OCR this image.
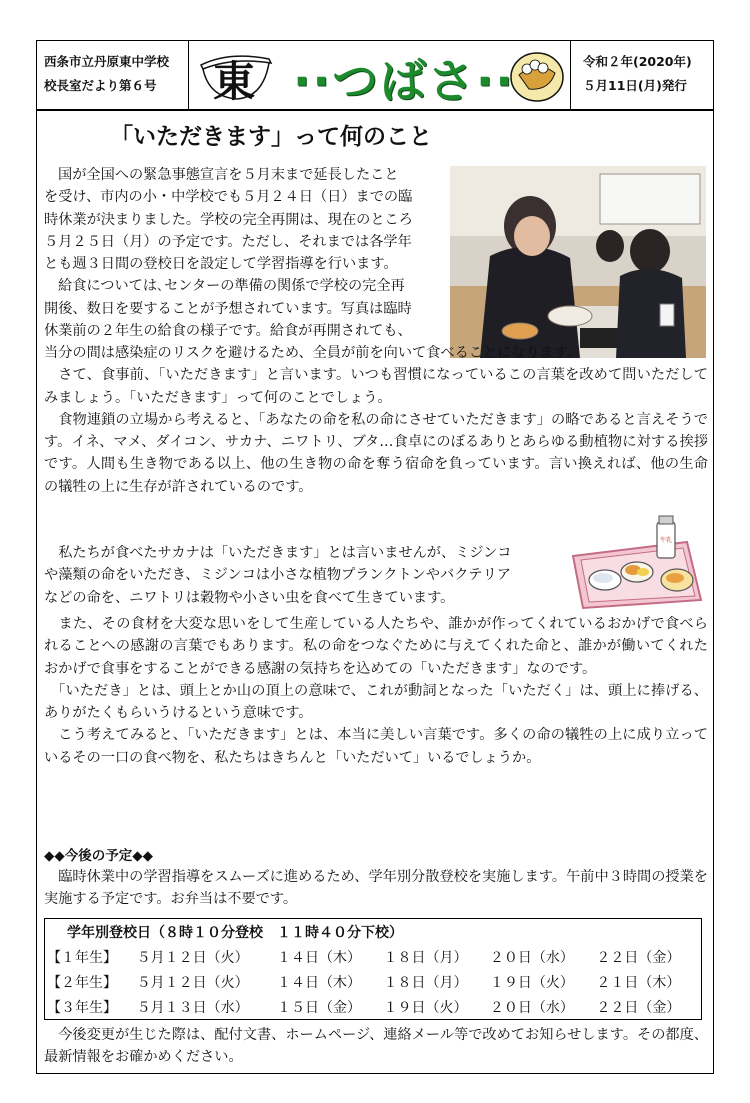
西条市立丹原東中学校
校長室だより第６号	東 ··つばさ··	令和２年(2020年)
５月11日(月)発行
「いただきます」って何のこと
国が全国への緊急事態宣言を５月末まで延長したこと
を受け、市内の小・中学校でも５月２４日（日）までの臨
時休業が決まりました。学校の完全再開は、現在のところ
５月２５日（月）の予定です。ただし、それまでは各学年
とも週３日間の登校日を設定して学習指導を行います。
給食については､センターの準備の関係で学校の完全再
開後、数日を要することが予想されています。写真は臨時
休業前の２年生の給食の様子です。給食が再開されても、
当分の間は感染症のリスクを避けるため、全員が前を向いて食べることになります。
　さて、食事前、「いただきます」と言います。いつも習慣になっているこの言葉を改めて問いただしてみましょう。「いただきます」って何のことでしょう。
　食物連鎖の立場から考えると、「あなたの命を私の命にさせていただきます」の略であると言えそうです。イネ、マメ、ダイコン、サカナ、ニワトリ、ブタ…食卓にのぼるありとあらゆる動植物に対する挨拶です。人間も生き物である以上、他の生き物の命を奪う宿命を負っています。言い換えれば、他の生命の犠牲の上に生存が許されているのです。
　私たちが食べたサカナは「いただきます」とは言いませんが、ミジンコ
や藻類の命をいただき、ミジンコは小さな植物プランクトンやバクテリア
などの命を、ニワトリは穀物や小さい虫を食べて生きています。
牛乳
　また、その食材を大変な思いをして生産している人たちや、誰かが作ってくれているおかげで食べられることへの感謝の言葉でもあります。私の命をつなぐために与えてくれた命と、誰かが働いてくれたおかげで食事をすることができる感謝の気持ちを込めての「いただきます」なのです。
　「いただき」とは、頭上とか山の頂上の意味で、これが動詞となった「いただく」は、頭上に捧げる、ありがたくもらいうけるという意味です。
　こう考えてみると、「いただきます」とは、本当に美しい言葉です。多くの命の犠牲の上に成り立っているその一口の食べ物を、私たちはきちんと「いただいて」いるでしょうか。
◆◆今後の予定◆◆
　臨時休業中の学習指導をスムーズに進めるため、学年別分散登校を実施します。午前中３時間の授業を実施する予定です。お弁当は不要です。
学年別登校日（８時１０分登校　１１時４０分下校）					
【１年生】	５月１２日（火）	１４日（木）	１８日（月）	２０日（水）	２２日（金）
【２年生】	５月１２日（火）	１４日（木）	１８日（月）	１９日（火）	２１日（木）
【３年生】	５月１３日（水）	１５日（金）	１９日（火）	２０日（水）	２２日（金）
　今後変更が生じた際は、配付文書、ホームページ、連絡メール等で改めてお知らせします。その都度、最新情報をお確かめください。
